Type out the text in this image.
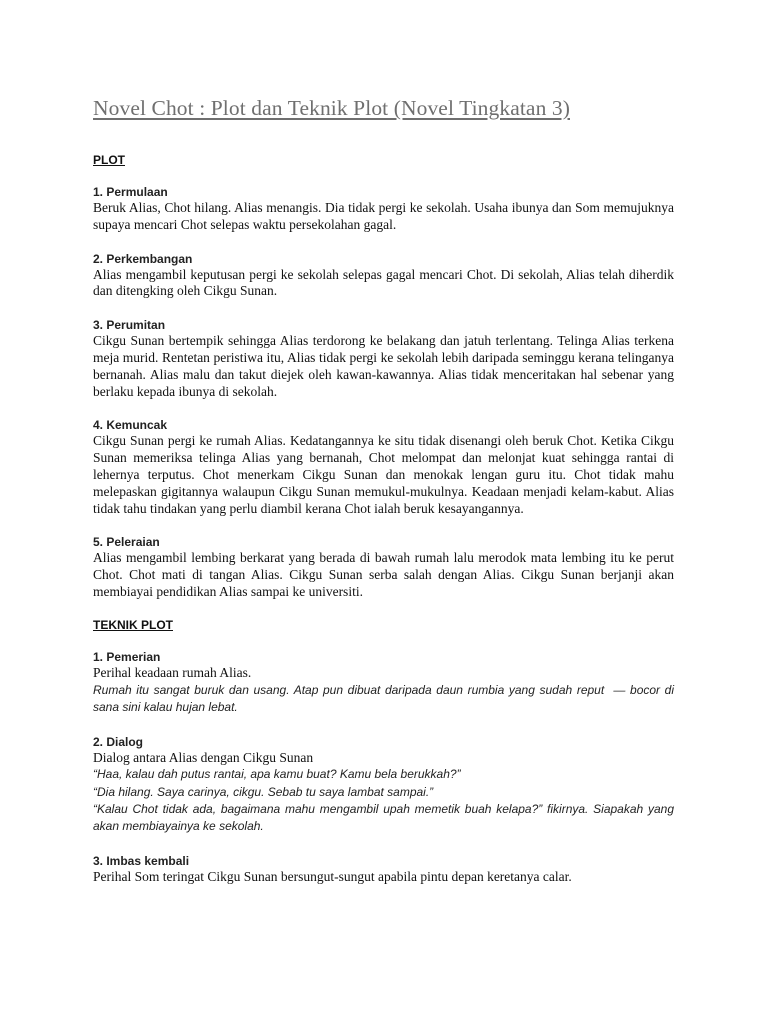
Novel Chot : Plot dan Teknik Plot (Novel Tingkatan 3)
PLOT
1. Permulaan

Beruk Alias, Chot hilang. Alias menangis. Dia tidak pergi ke sekolah. Usaha ibunya dan Som memujuknya supaya mencari Chot selepas waktu persekolahan gagal.

2. Perkembangan

Alias mengambil keputusan pergi ke sekolah selepas gagal mencari Chot. Di sekolah, Alias telah diherdik dan ditengking oleh Cikgu Sunan.

3. Perumitan

Cikgu Sunan bertempik sehingga Alias terdorong ke belakang dan jatuh terlentang. Telinga Alias terkena meja murid. Rentetan peristiwa itu, Alias tidak pergi ke sekolah lebih daripada seminggu kerana telinganya bernanah. Alias malu dan takut diejek oleh kawan-kawannya. Alias tidak menceritakan hal sebenar yang berlaku kepada ibunya di sekolah.

4. Kemuncak

Cikgu Sunan pergi ke rumah Alias. Kedatangannya ke situ tidak disenangi oleh beruk Chot. Ketika Cikgu Sunan memeriksa telinga Alias yang bernanah, Chot melompat dan melonjat kuat sehingga rantai di lehernya terputus. Chot menerkam Cikgu Sunan dan menokak lengan guru itu. Chot tidak mahu melepaskan gigitannya walaupun Cikgu Sunan memukul-mukulnya. Keadaan menjadi kelam-kabut. Alias tidak tahu tindakan yang perlu diambil kerana Chot ialah beruk kesayangannya.

5. Peleraian

Alias mengambil lembing berkarat yang berada di bawah rumah lalu merodok mata lembing itu ke perut Chot. Chot mati di tangan Alias. Cikgu Sunan serba salah dengan Alias. Cikgu Sunan berjanji akan membiayai pendidikan Alias sampai ke universiti.

TEKNIK PLOT
1. Pemerian

Perihal keadaan rumah Alias.

Rumah itu sangat buruk dan usang. Atap pun dibuat daripada daun rumbia yang sudah reput  — bocor di sana sini kalau hujan lebat.

2. Dialog

Dialog antara Alias dengan Cikgu Sunan

“Haa, kalau dah putus rantai, apa kamu buat? Kamu bela berukkah?”

“Dia hilang. Saya carinya, cikgu. Sebab tu saya lambat sampai.”

“Kalau Chot tidak ada, bagaimana mahu mengambil upah memetik buah kelapa?” fikirnya. Siapakah yang akan membiayainya ke sekolah.

3. Imbas kembali

Perihal Som teringat Cikgu Sunan bersungut-sungut apabila pintu depan keretanya calar.
